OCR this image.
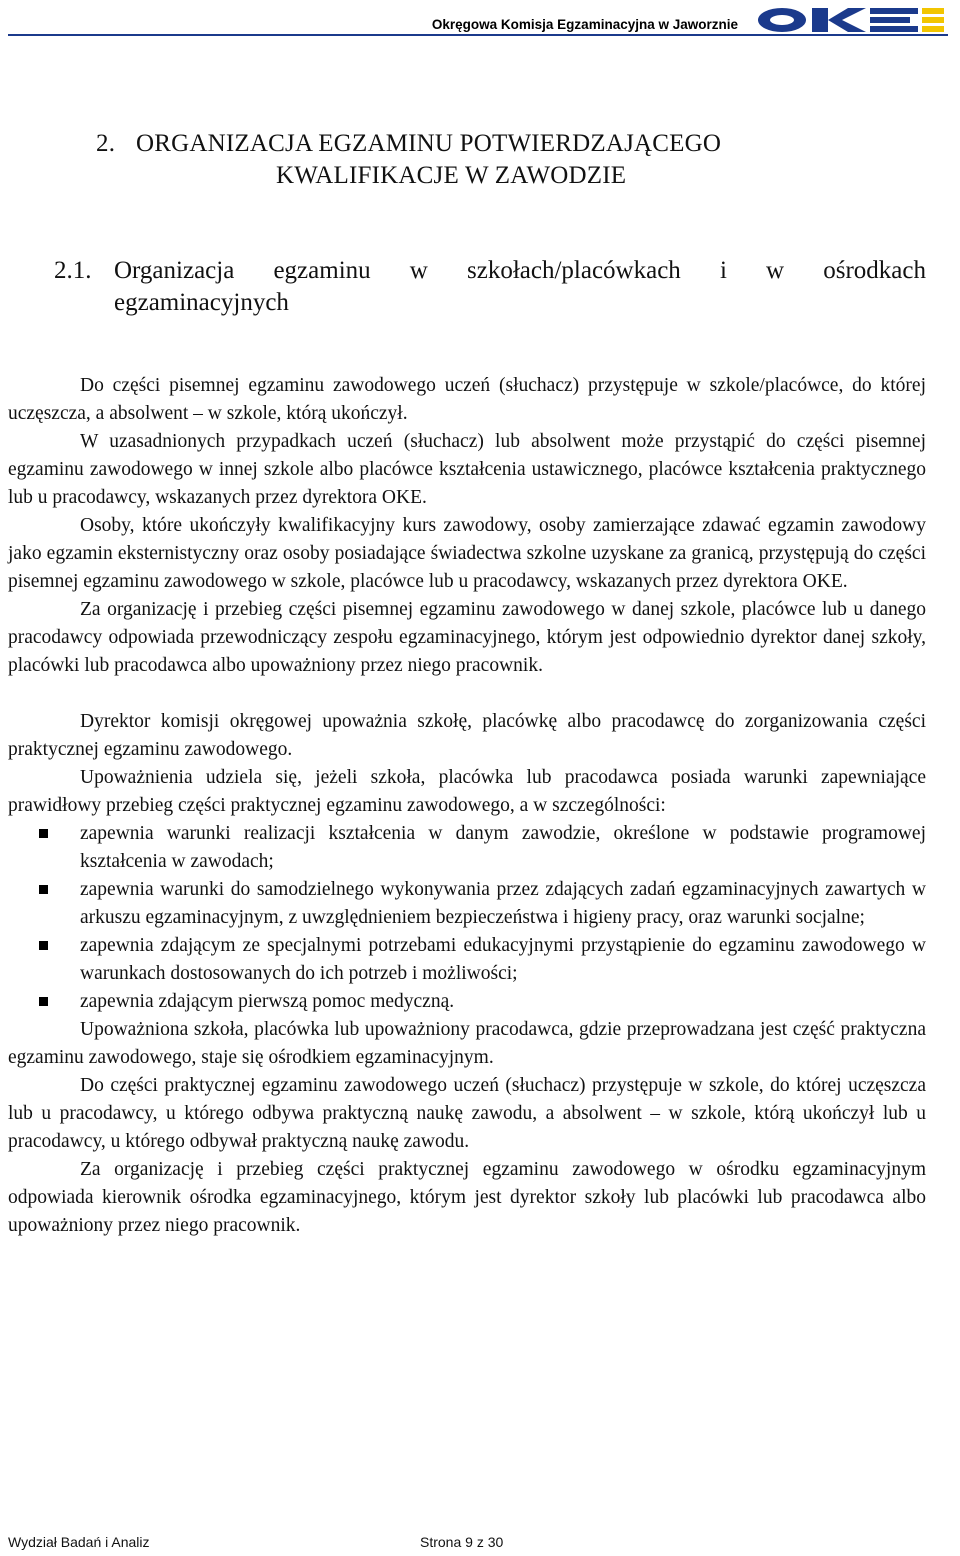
Okręgowa Komisja Egzaminacyjna w Jaworznie
2. ORGANIZACJA EGZAMINU POTWIERDZAJĄCEGO
KWALIFIKACJE W ZAWODZIE
2.1. Organizacja egzaminu w szkołach/placówkach i w ośrodkach
egzaminacyjnych

Do części pisemnej egzaminu zawodowego uczeń (słuchacz) przystępuje w szkole/placówce, do której uczęszcza, a absolwent – w szkole, którą ukończył.

W uzasadnionych przypadkach uczeń (słuchacz) lub absolwent może przystąpić do części pisemnej egzaminu zawodowego w innej szkole albo placówce kształcenia ustawicznego, placówce kształcenia praktycznego lub u pracodawcy, wskazanych przez dyrektora OKE.

Osoby, które ukończyły kwalifikacyjny kurs zawodowy, osoby zamierzające zdawać egzamin zawodowy jako egzamin eksternistyczny oraz osoby posiadające świadectwa szkolne uzyskane za granicą, przystępują do części pisemnej egzaminu zawodowego w szkole, placówce lub u pracodawcy, wskazanych przez dyrektora OKE.

Za organizację i przebieg części pisemnej egzaminu zawodowego w danej szkole, placówce lub u danego pracodawcy odpowiada przewodniczący zespołu egzaminacyjnego, którym jest odpowiednio dyrektor danej szkoły, placówki lub pracodawca albo upoważniony przez niego pracownik.

Dyrektor komisji okręgowej upoważnia szkołę, placówkę albo pracodawcę do zorganizowania części praktycznej egzaminu zawodowego.

Upoważnienia udziela się, jeżeli szkoła, placówka lub pracodawca posiada warunki zapewniające prawidłowy przebieg części praktycznej egzaminu zawodowego, a w szczególności:

zapewnia warunki realizacji kształcenia w danym zawodzie, określone w podstawie programowej kształcenia w zawodach;
zapewnia warunki do samodzielnego wykonywania przez zdających zadań egzaminacyjnych zawartych w arkuszu egzaminacyjnym, z uwzględnieniem bezpieczeństwa i higieny pracy, oraz warunki socjalne;
zapewnia zdającym ze specjalnymi potrzebami edukacyjnymi przystąpienie do egzaminu zawodowego w warunkach dostosowanych do ich potrzeb i możliwości;
zapewnia zdającym pierwszą pomoc medyczną.

Upoważniona szkoła, placówka lub upoważniony pracodawca, gdzie przeprowadzana jest część praktyczna egzaminu zawodowego, staje się ośrodkiem egzaminacyjnym.

Do części praktycznej egzaminu zawodowego uczeń (słuchacz) przystępuje w szkole, do której uczęszcza lub u pracodawcy, u którego odbywa praktyczną naukę zawodu, a absolwent – w szkole, którą ukończył lub u pracodawcy, u którego odbywał praktyczną naukę zawodu.

Za organizację i przebieg części praktycznej egzaminu zawodowego w ośrodku egzaminacyjnym odpowiada kierownik ośrodka egzaminacyjnego, którym jest dyrektor szkoły lub placówki lub pracodawca albo upoważniony przez niego pracownik.

Wydział Badań i Analiz	Strona 9 z 30
